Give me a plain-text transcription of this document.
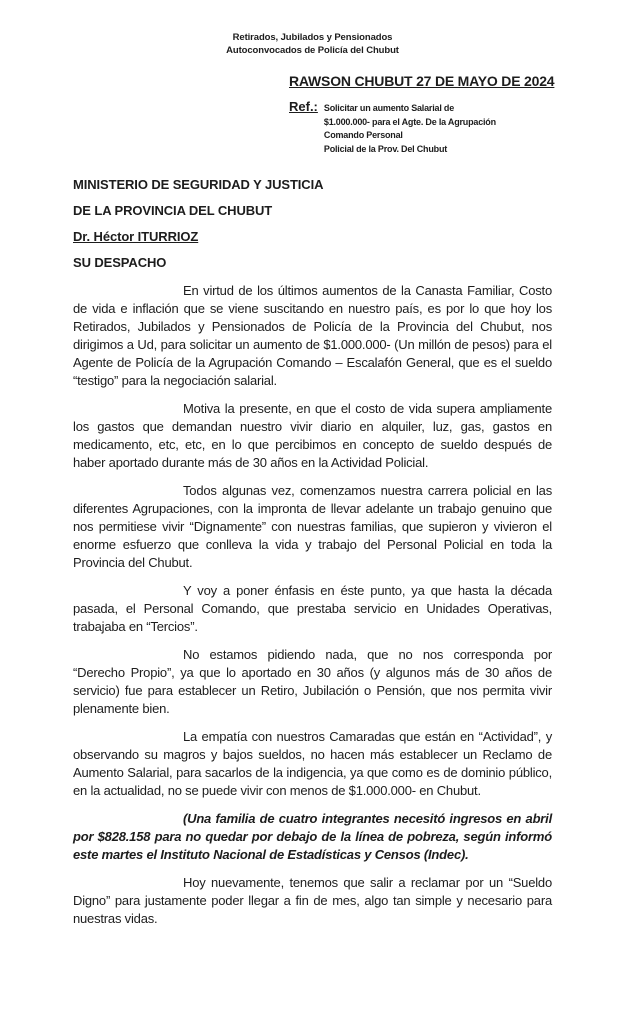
Retirados, Jubilados y Pensionados
Autoconvocados de Policía del Chubut
RAWSON CHUBUT 27 DE MAYO DE 2024
Ref.: Solicitar un aumento Salarial de
$1.000.000- para el Agte. De la Agrupación
Comando Personal
Policial de la Prov. Del Chubut
MINISTERIO DE SEGURIDAD Y JUSTICIA
DE LA PROVINCIA DEL CHUBUT
Dr. Héctor ITURRIOZ
SU DESPACHO

En virtud de los últimos aumentos de la Canasta Familiar, Costo de vida e inflación que se viene suscitando en nuestro país, es por lo que hoy los Retirados, Jubilados y Pensionados de Policía de la Provincia del Chubut, nos dirigimos a Ud, para solicitar un aumento de $1.000.000- (Un millón de pesos) para el Agente de Policía de la Agrupación Comando – Escalafón General, que es el sueldo “testigo” para la negociación salarial.

Motiva la presente, en que el costo de vida supera ampliamente los gastos que demandan nuestro vivir diario en alquiler, luz, gas, gastos en medicamento, etc, etc, en lo que percibimos en concepto de sueldo después de haber aportado durante más de 30 años en la Actividad Policial.

Todos algunas vez, comenzamos nuestra carrera policial en las diferentes Agrupaciones, con la impronta de llevar adelante un trabajo genuino que nos permitiese vivir “Dignamente” con nuestras familias, que supieron y vivieron el enorme esfuerzo que conlleva la vida y trabajo del Personal Policial en toda la Provincia del Chubut.

Y voy a poner énfasis en éste punto, ya que hasta la década pasada, el Personal Comando, que prestaba servicio en Unidades Operativas, trabajaba en “Tercios”.

No estamos pidiendo nada, que no nos corresponda por “Derecho Propio”, ya que lo aportado en 30 años (y algunos más de 30 años de servicio) fue para establecer un Retiro, Jubilación o Pensión, que nos permita vivir plenamente bien.

La empatía con nuestros Camaradas que están en “Actividad”, y observando su magros y bajos sueldos, no hacen más establecer un Reclamo de Aumento Salarial, para sacarlos de la indigencia, ya que como es de dominio público, en la actualidad, no se puede vivir con menos de $1.000.000- en Chubut.

(Una familia de cuatro integrantes necesitó ingresos en abril por $828.158 para no quedar por debajo de la línea de pobreza, según informó este martes el Instituto Nacional de Estadísticas y Censos (Indec).

Hoy nuevamente, tenemos que salir a reclamar por un “Sueldo Digno” para justamente poder llegar a fin de mes, algo tan simple y necesario para nuestras vidas.
